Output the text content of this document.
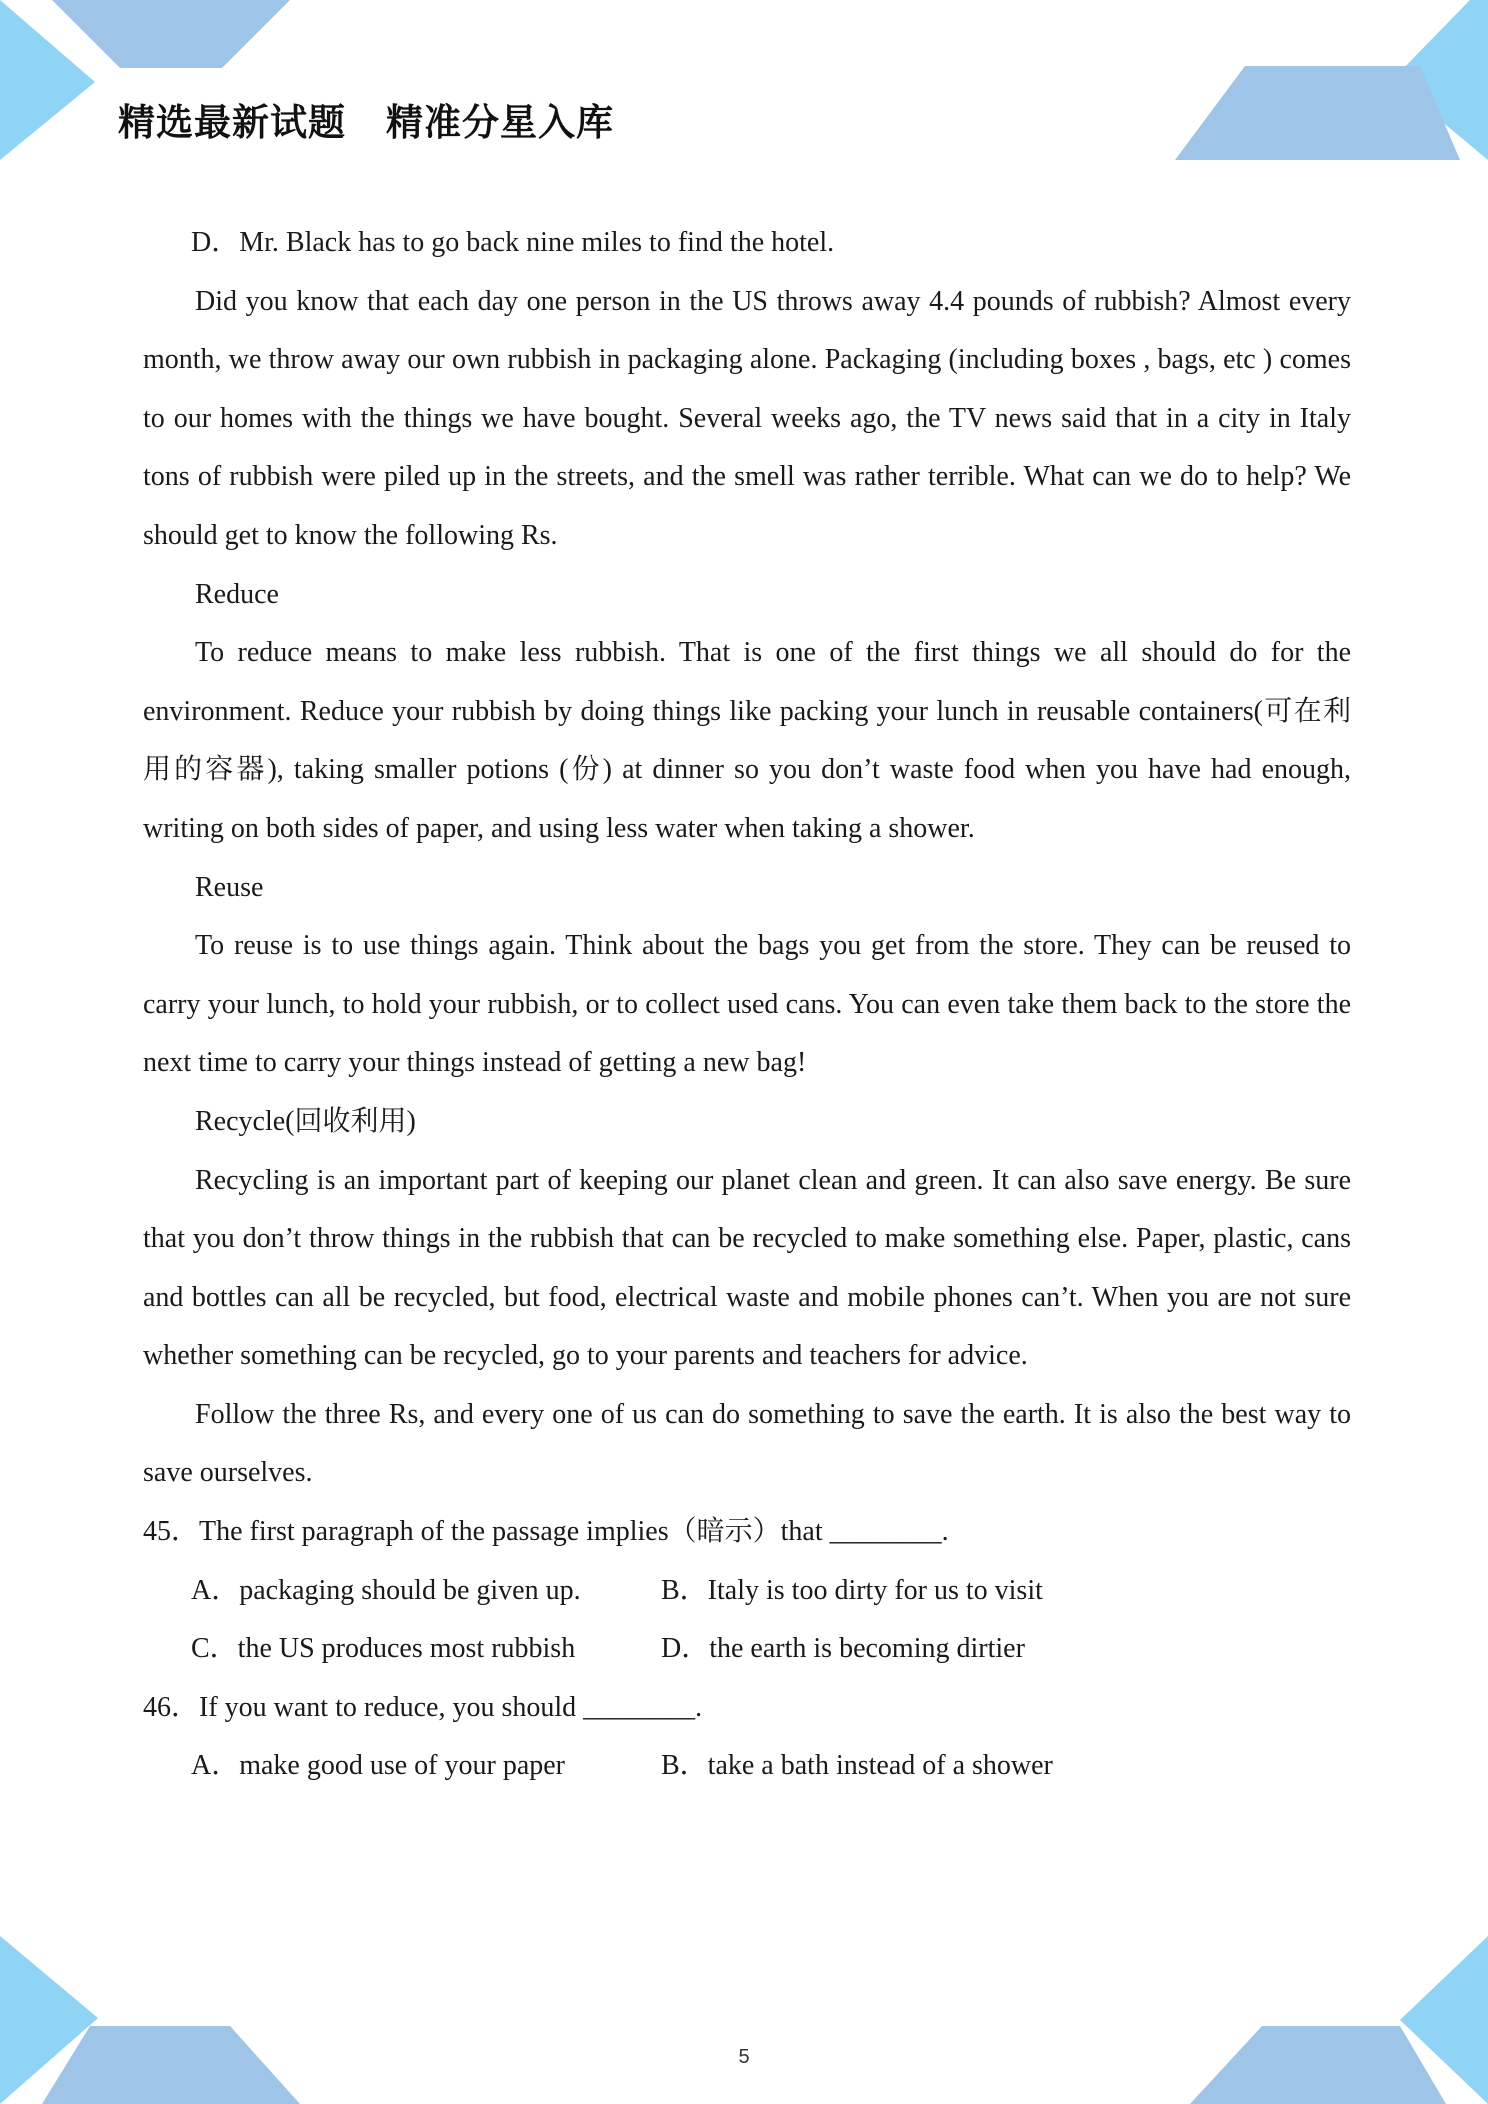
精选最新试题 精准分星入库

D．Mr. Black has to go back nine miles to find the hotel.

Did you know that each day one person in the US throws away 4.4 pounds of rubbish? Almost every month, we throw away our own rubbish in packaging alone. Packaging (including boxes , bags, etc ) comes to our homes with the things we have bought. Several weeks ago, the TV news said that in a city in Italy tons of rubbish were piled up in the streets, and the smell was rather terrible. What can we do to help? We should get to know the following Rs.

Reduce

To reduce means to make less rubbish. That is one of the first things we all should do for the environment. Reduce your rubbish by doing things like packing your lunch in reusable containers(可在利用的容器), taking smaller potions (份) at dinner so you don’t waste food when you have had enough, writing on both sides of paper, and using less water when taking a shower.

Reuse

To reuse is to use things again. Think about the bags you get from the store. They can be reused to carry your lunch, to hold your rubbish, or to collect used cans. You can even take them back to the store the next time to carry your things instead of getting a new bag!

Recycle(回收利用)

Recycling is an important part of keeping our planet clean and green. It can also save energy. Be sure that you don’t throw things in the rubbish that can be recycled to make something else. Paper, plastic, cans and bottles can all be recycled, but food, electrical waste and mobile phones can’t. When you are not sure whether something can be recycled, go to your parents and teachers for advice.

Follow the three Rs, and every one of us can do something to save the earth. It is also the best way to save ourselves.

45．The first paragraph of the passage implies（暗示）that ________.

A．packaging should be given up.	B．Italy is too dirty for us to visit
C．the US produces most rubbish	D．the earth is becoming dirtier

46．If you want to reduce, you should ________.

A．make good use of your paper	B．take a bath instead of a shower
5
